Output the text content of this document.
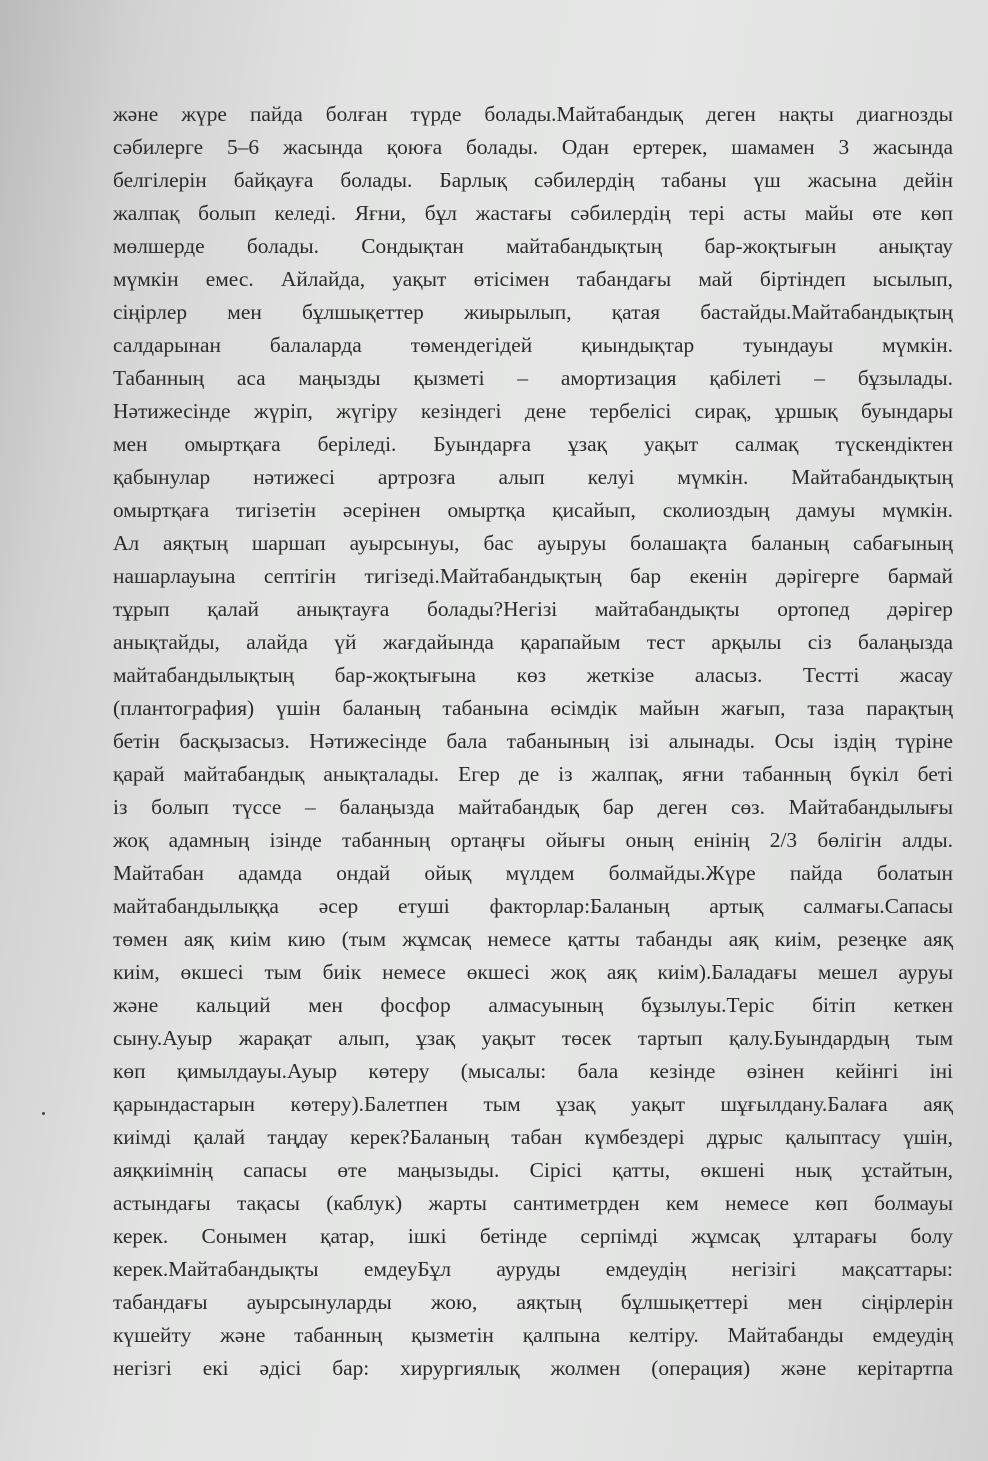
және жүре пайда болған түрде болады.Майтабандық деген нақты диагнозды
сәбилерге 5–6 жасында қоюға болады. Одан ертерек, шамамен 3 жасында
белгілерін байқауға болады. Барлық сәбилердің табаны үш жасына дейін
жалпақ болып келеді. Яғни, бұл жастағы сәбилердің тері асты майы өте көп
мөлшерде болады. Сондықтан майтабандықтың бар-жоқтығын анықтау
мүмкін емес. Айлайда, уақыт өтісімен табандағы май біртіндеп ысылып,
сіңірлер мен бұлшықеттер жиырылып, қатая бастайды.Майтабандықтың
салдарынан балаларда төмендегідей қиындықтар туындауы мүмкін.
Табанның аса маңызды қызметі – амортизация қабілеті – бұзылады.
Нәтижесінде жүріп, жүгіру кезіндегі дене тербелісі сирақ, ұршық буындары
мен омыртқаға беріледі. Буындарға ұзақ уақыт салмақ түскендіктен
қабынулар нәтижесі артрозға алып келуі мүмкін. Майтабандықтың
омыртқаға тигізетін әсерінен омыртқа қисайып, сколиоздың дамуы мүмкін.
Ал аяқтың шаршап ауырсынуы, бас ауыруы болашақта баланың сабағының
нашарлауына септігін тигізеді.Майтабандықтың бар екенін дәрігерге бармай
тұрып қалай анықтауға болады?Негізі майтабандықты ортопед дәрігер
анықтайды, алайда үй жағдайында қарапайым тест арқылы сіз балаңызда
майтабандылықтың бар-жоқтығына көз жеткізе аласыз. Тестті жасау
(плантография) үшін баланың табанына өсімдік майын жағып, таза парақтың
бетін басқызасыз. Нәтижесінде бала табанының ізі алынады. Осы іздің түріне
қарай майтабандық анықталады. Егер де із жалпақ, яғни табанның бүкіл беті
із болып түссе – балаңызда майтабандық бар деген сөз. Майтабандылығы
жоқ адамның ізінде табанның ортаңғы ойығы оның енінің 2/3 бөлігін алды.
Майтабан адамда ондай ойық мүлдем болмайды.Жүре пайда болатын
майтабандылыққа әсер етуші факторлар:Баланың артық салмағы.Сапасы
төмен аяқ киім кию (тым жұмсақ немесе қатты табанды аяқ киім, резеңке аяқ
киім, өкшесі тым биік немесе өкшесі жоқ аяқ киім).Баладағы мешел ауруы
және кальций мен фосфор алмасуының бұзылуы.Теріс бітіп кеткен
сыну.Ауыр жарақат алып, ұзақ уақыт төсек тартып қалу.Буындардың тым
көп қимылдауы.Ауыр көтеру (мысалы: бала кезінде өзінен кейінгі іні
қарындастарын көтеру).Балетпен тым ұзақ уақыт шұғылдану.Балаға аяқ
киімді қалай таңдау керек?Баланың табан күмбездері дұрыс қалыптасу үшін,
аяқкиімнің сапасы өте маңызыды. Сірісі қатты, өкшені нық ұстайтын,
астындағы тақасы (каблук) жарты сантиметрден кем немесе көп болмауы
керек. Сонымен қатар, ішкі бетінде серпімді жұмсақ ұлтарағы болу
керек.Майтабандықты емдеуБұл ауруды емдеудің негізігі мақсаттары:
табандағы ауырсынуларды жою, аяқтың бұлшықеттері мен сіңірлерін
күшейту және табанның қызметін қалпына келтіру. Майтабанды емдеудің
негізгі екі әдісі бар: хирургиялық жолмен (операция) және керітартпа
